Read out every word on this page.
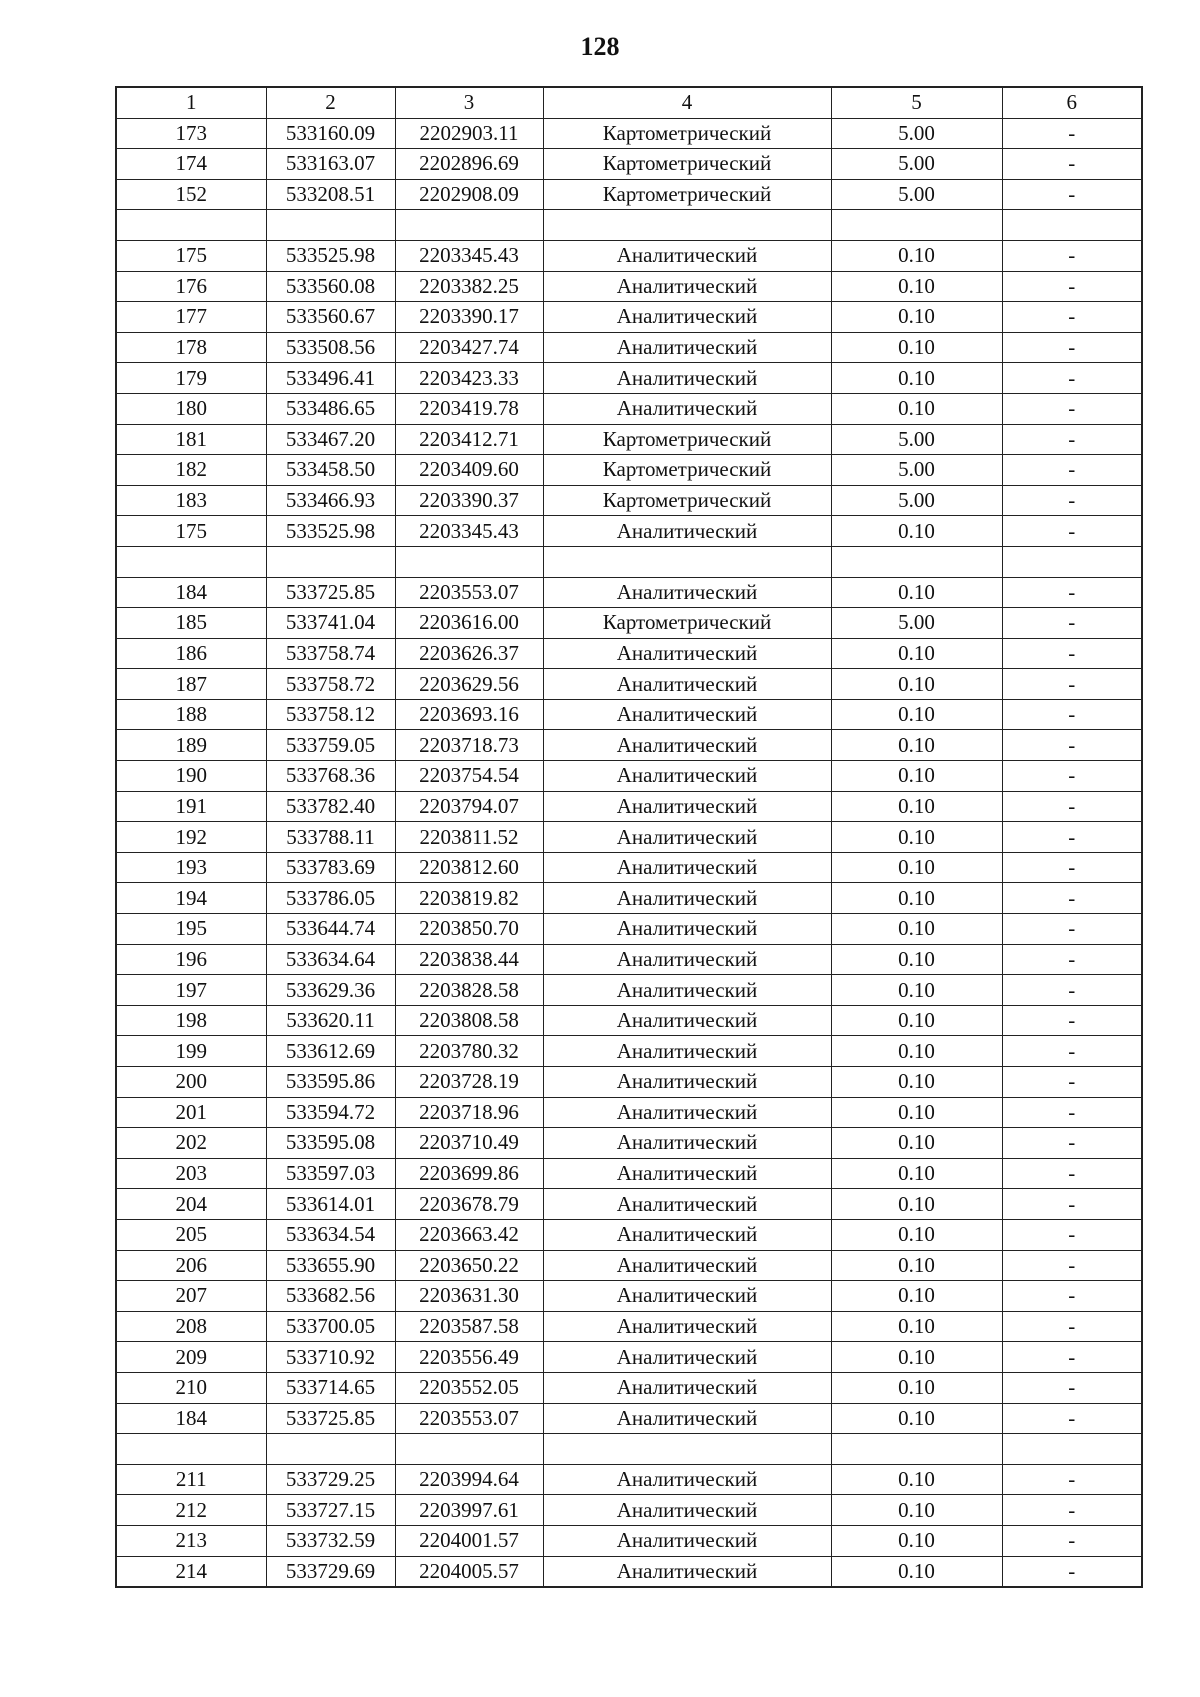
128
1	2	3	4	5	6
173	533160.09	2202903.11	Картометрический	5.00	-
174	533163.07	2202896.69	Картометрический	5.00	-
152	533208.51	2202908.09	Картометрический	5.00	-

175	533525.98	2203345.43	Аналитический	0.10	-
176	533560.08	2203382.25	Аналитический	0.10	-
177	533560.67	2203390.17	Аналитический	0.10	-
178	533508.56	2203427.74	Аналитический	0.10	-
179	533496.41	2203423.33	Аналитический	0.10	-
180	533486.65	2203419.78	Аналитический	0.10	-
181	533467.20	2203412.71	Картометрический	5.00	-
182	533458.50	2203409.60	Картометрический	5.00	-
183	533466.93	2203390.37	Картометрический	5.00	-
175	533525.98	2203345.43	Аналитический	0.10	-

184	533725.85	2203553.07	Аналитический	0.10	-
185	533741.04	2203616.00	Картометрический	5.00	-
186	533758.74	2203626.37	Аналитический	0.10	-
187	533758.72	2203629.56	Аналитический	0.10	-
188	533758.12	2203693.16	Аналитический	0.10	-
189	533759.05	2203718.73	Аналитический	0.10	-
190	533768.36	2203754.54	Аналитический	0.10	-
191	533782.40	2203794.07	Аналитический	0.10	-
192	533788.11	2203811.52	Аналитический	0.10	-
193	533783.69	2203812.60	Аналитический	0.10	-
194	533786.05	2203819.82	Аналитический	0.10	-
195	533644.74	2203850.70	Аналитический	0.10	-
196	533634.64	2203838.44	Аналитический	0.10	-
197	533629.36	2203828.58	Аналитический	0.10	-
198	533620.11	2203808.58	Аналитический	0.10	-
199	533612.69	2203780.32	Аналитический	0.10	-
200	533595.86	2203728.19	Аналитический	0.10	-
201	533594.72	2203718.96	Аналитический	0.10	-
202	533595.08	2203710.49	Аналитический	0.10	-
203	533597.03	2203699.86	Аналитический	0.10	-
204	533614.01	2203678.79	Аналитический	0.10	-
205	533634.54	2203663.42	Аналитический	0.10	-
206	533655.90	2203650.22	Аналитический	0.10	-
207	533682.56	2203631.30	Аналитический	0.10	-
208	533700.05	2203587.58	Аналитический	0.10	-
209	533710.92	2203556.49	Аналитический	0.10	-
210	533714.65	2203552.05	Аналитический	0.10	-
184	533725.85	2203553.07	Аналитический	0.10	-

211	533729.25	2203994.64	Аналитический	0.10	-
212	533727.15	2203997.61	Аналитический	0.10	-
213	533732.59	2204001.57	Аналитический	0.10	-
214	533729.69	2204005.57	Аналитический	0.10	-
